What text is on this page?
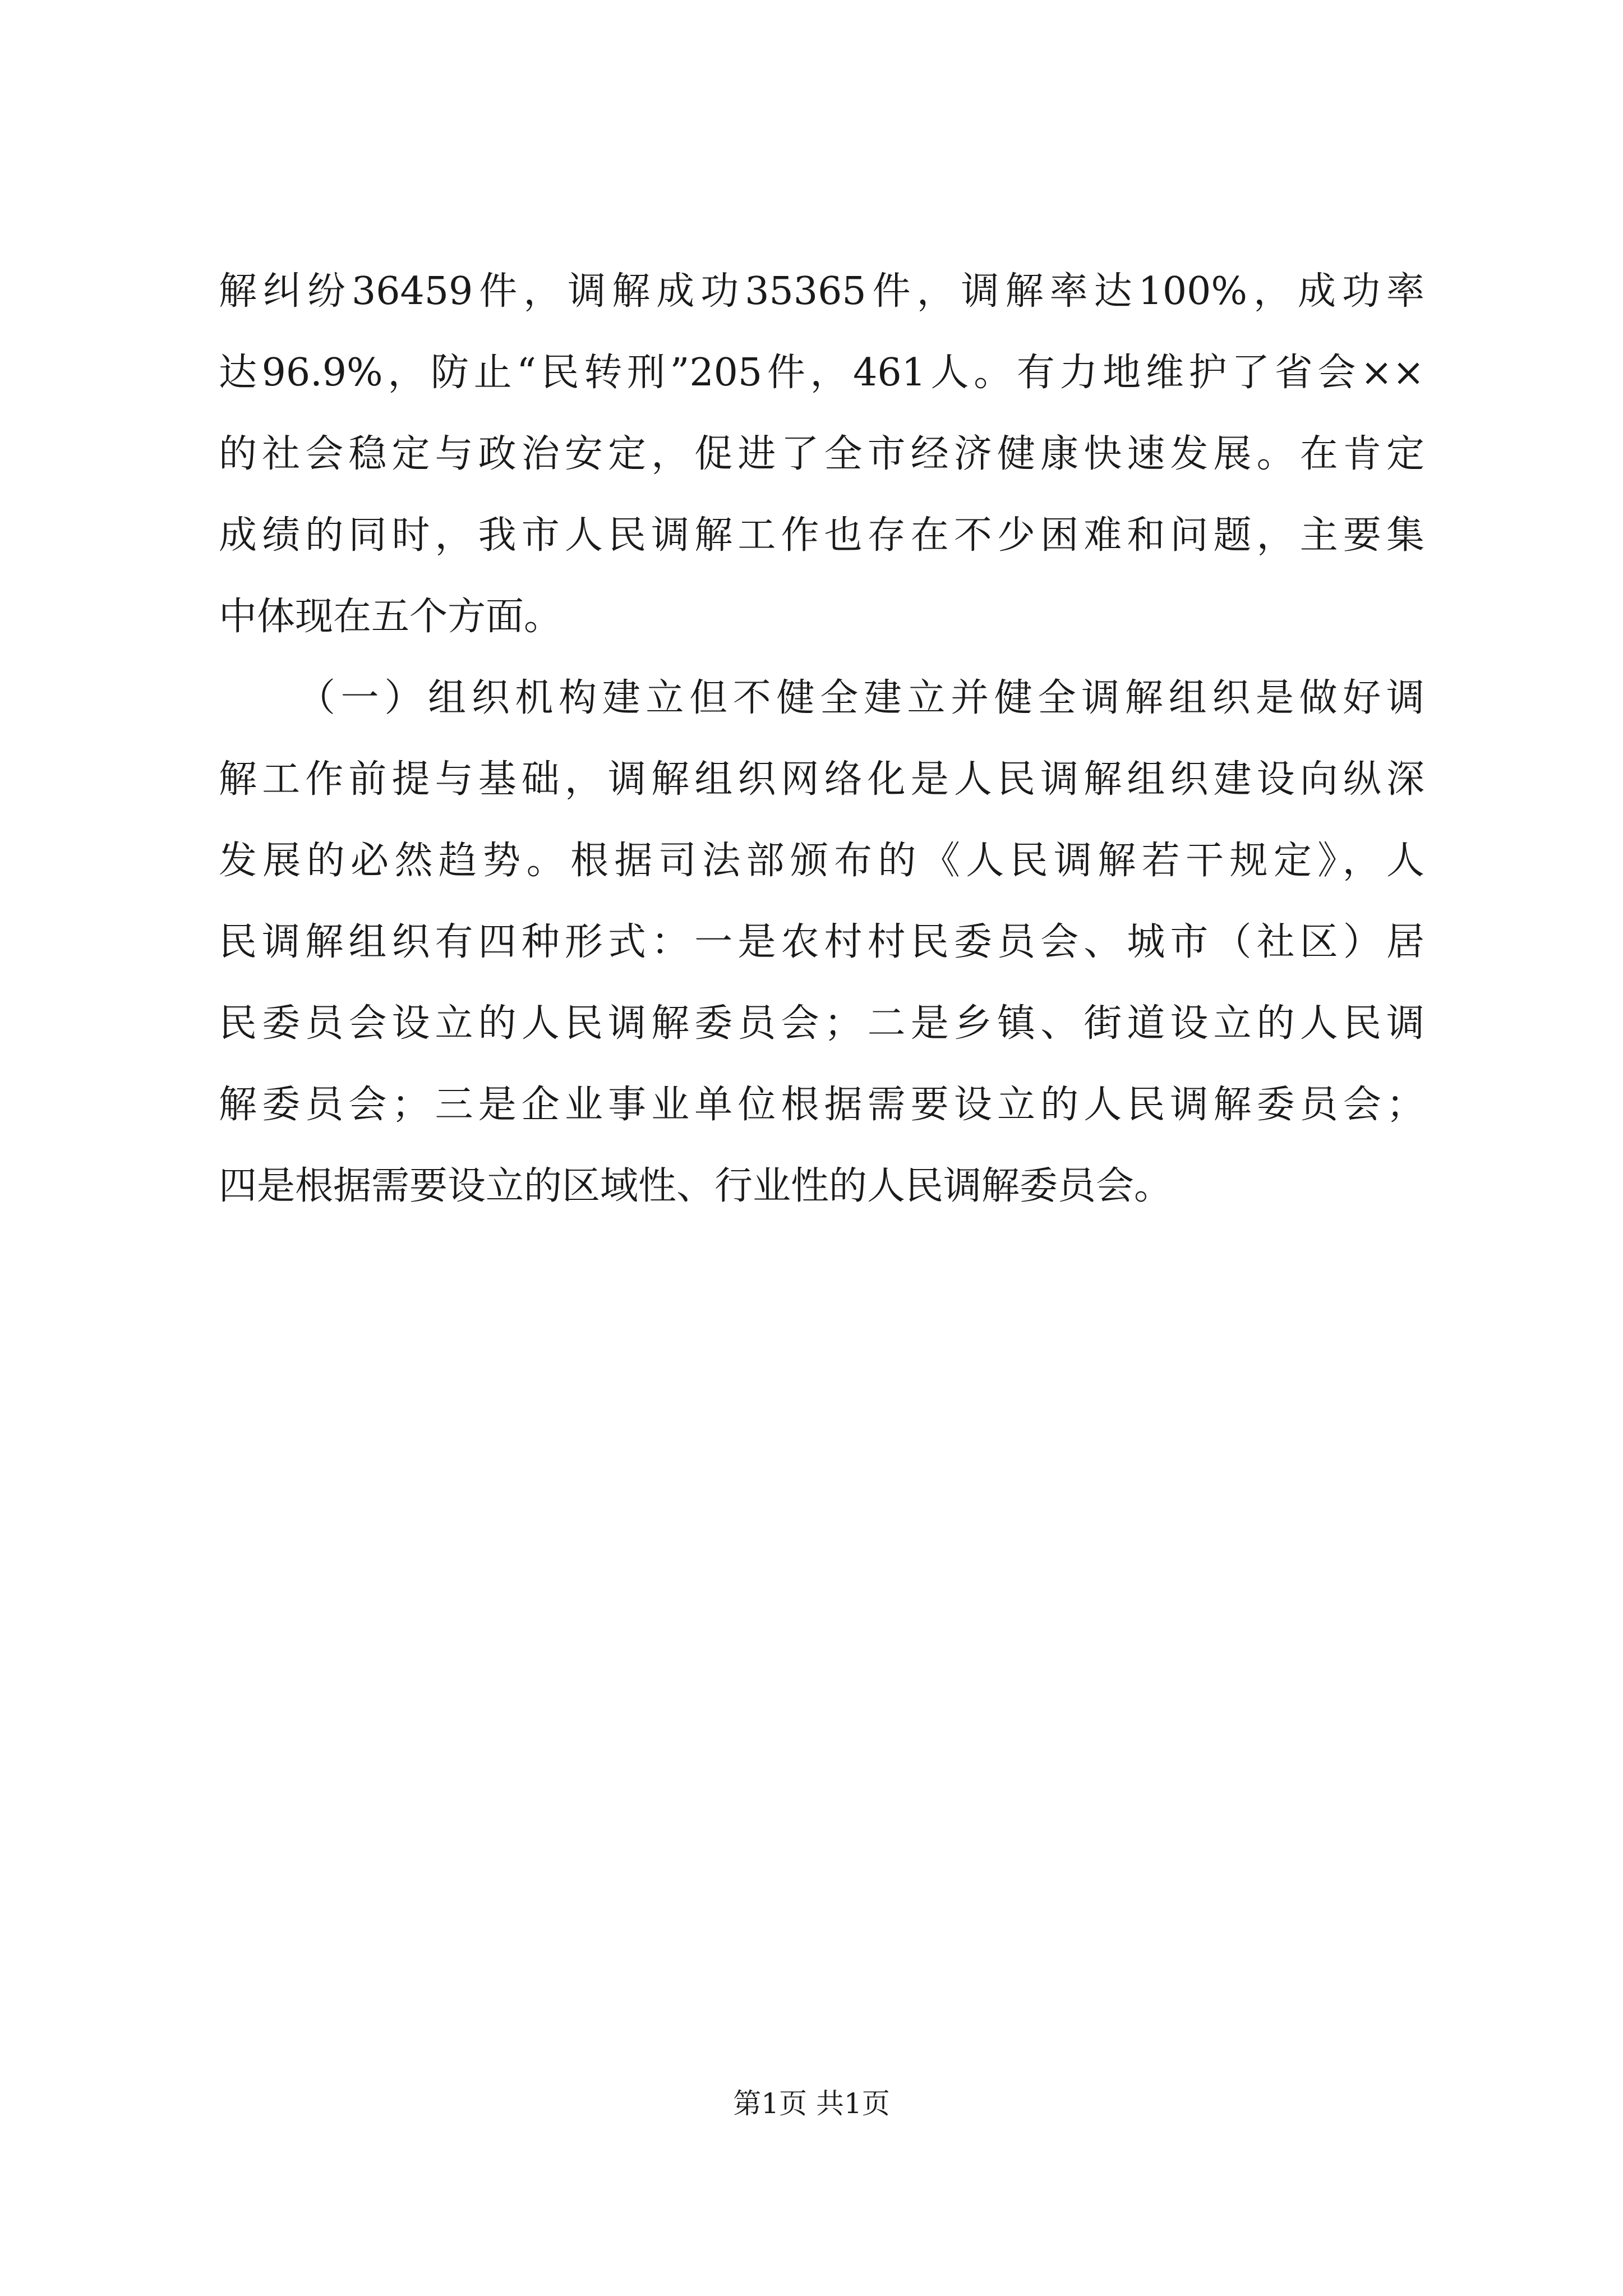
解纠纷36459件，调解成功35365件，调解率达100%，成功率
达96.9%，防止“民转刑”205件，461人。有力地维护了省会××
的社会稳定与政治安定，促进了全市经济健康快速发展。在肯定
成绩的同时，我市人民调解工作也存在不少困难和问题，主要集
中体现在五个方面。
（一）组织机构建立但不健全建立并健全调解组织是做好调
解工作前提与基础，调解组织网络化是人民调解组织建设向纵深
发展的必然趋势。根据司法部颁布的《人民调解若干规定》，人
民调解组织有四种形式：一是农村村民委员会、城市（社区）居
民委员会设立的人民调解委员会；二是乡镇、街道设立的人民调
解委员会；三是企业事业单位根据需要设立的人民调解委员会；
四是根据需要设立的区域性、行业性的人民调解委员会。
第1页 共1页
